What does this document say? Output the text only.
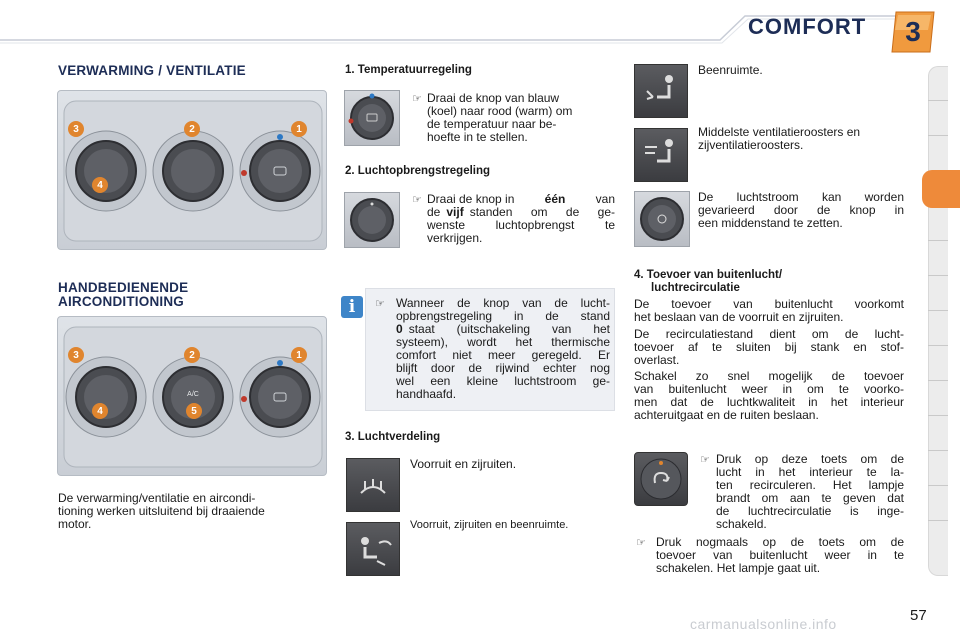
COMFORT	3
VERWARMING / VENTILATIE
3	2	1
4
HANDBEDIENENDE
AIRCONDITIONING
A/C
3	2	1
4	5
De verwarming/ventilatie en aircondi-
tioning werken uitsluitend bij draaiende
motor.
1. Temperatuurregeling
☞ Draai de knop van blauw
(koel) naar rood (warm) om
de temperatuur naar be-
hoefte in te stellen.
2. Luchtopbrengstregeling
☞ Draai de knop in	één	van
de vijf standen om de ge-
wenste luchtopbrengst te
verkrijgen.
i	☞ Wanneer de knop van de lucht-
opbrengstregeling in de stand
0 staat (uitschakeling van het
systeem), wordt het thermische
comfort niet meer geregeld. Er
blijft door de rijwind echter nog
wel een kleine luchtstroom ge-
handhaafd.
3. Luchtverdeling
Voorruit en zijruiten.
Voorruit, zijruiten en beenruimte.
Beenruimte.
Middelste ventilatieroosters en
zijventilatieroosters.
De luchtstroom kan worden
gevarieerd door de knop in
een middenstand te zetten.
4. Toevoer van buitenlucht/
luchtrecirculatie
De toevoer van buitenlucht voorkomt
het beslaan van de voorruit en zijruiten.
De recirculatiestand dient om de lucht-
toevoer af te sluiten bij stank en stof-
overlast.
Schakel zo snel mogelijk de toevoer
van buitenlucht weer in om te voorko-
men dat de luchtkwaliteit in het interieur
achteruitgaat en de ruiten beslaan.
☞ Druk op deze toets om de
lucht in het interieur te la-
ten recirculeren. Het lampje
brandt om aan te geven dat
de luchtrecirculatie is inge-
schakeld.
☞ Druk nogmaals op de toets om de
toevoer van buitenlucht weer in te
schakelen. Het lampje gaat uit.
57
carmanualsonline.info
